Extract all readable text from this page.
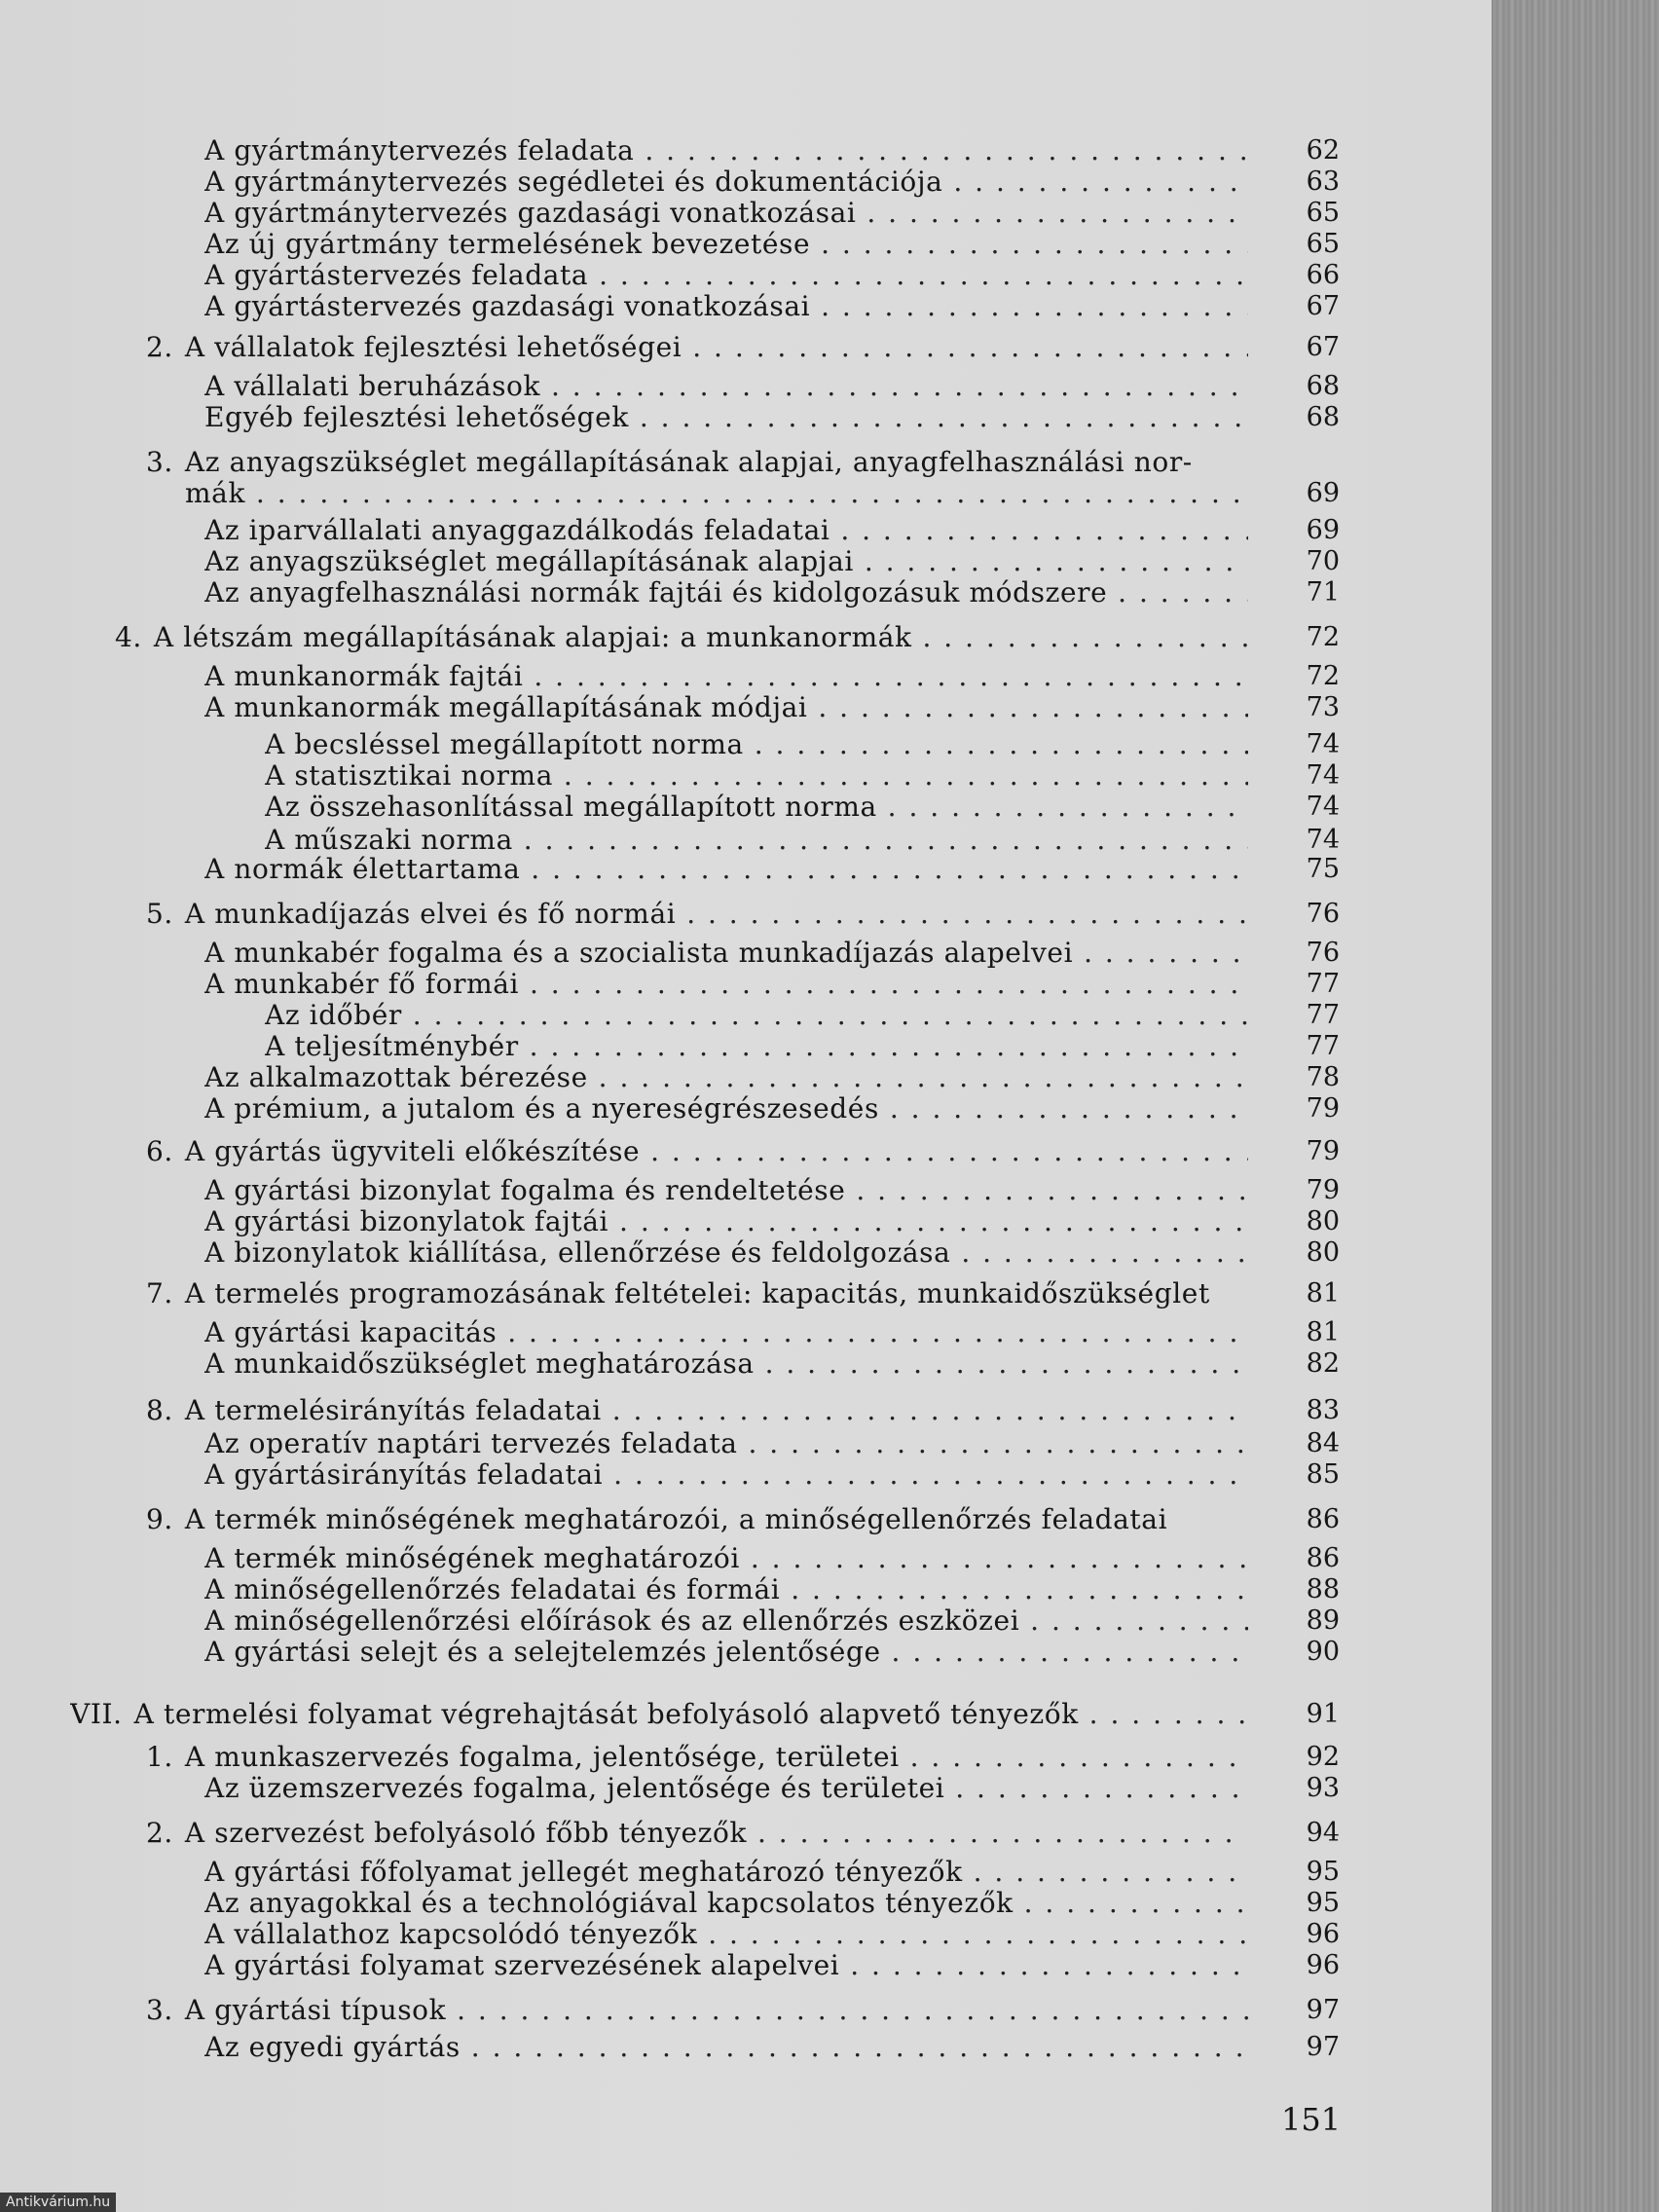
A gyártmánytervezés feladata . . .	62
A gyártmánytervezés segédletei és dokumentációja . . .	63
A gyártmánytervezés gazdasági vonatkozásai . . .	65
Az új gyártmány termelésének bevezetése . . .	65
A gyártástervezés feladata . . .	66
A gyártástervezés gazdasági vonatkozásai . . .	67
2. A vállalatok fejlesztési lehetőségei . . .	67
A vállalati beruházások . . .	68
Egyéb fejlesztési lehetőségek . . .	68
3. Az anyagszükséglet megállapításának alapjai, anyagfelhasználási nor-
mák . . .	69
Az iparvállalati anyaggazdálkodás feladatai . . .	69
Az anyagszükséglet megállapításának alapjai . . .	70
Az anyagfelhasználási normák fajtái és kidolgozásuk módszere . . .	71
4. A létszám megállapításának alapjai: a munkanormák . . .	72
A munkanormák fajtái . . .	72
A munkanormák megállapításának módjai . . .	73
A becsléssel megállapított norma . . .	74
A statisztikai norma . . .	74
Az összehasonlítással megállapított norma . . .	74
A műszaki norma . . .	74
A normák élettartama . . .	75
5. A munkadíjazás elvei és fő normái . . .	76
A munkabér fogalma és a szocialista munkadíjazás alapelvei . . .	76
A munkabér fő formái . . .	77
Az időbér . . .	77
A teljesítménybér . . .	77
Az alkalmazottak bérezése . . .	78
A prémium, a jutalom és a nyereségrészesedés . . .	79
6. A gyártás ügyviteli előkészítése . . .	79
A gyártási bizonylat fogalma és rendeltetése . . .	79
A gyártási bizonylatok fajtái . . .	80
A bizonylatok kiállítása, ellenőrzése és feldolgozása . . .	80
7. A termelés programozásának feltételei: kapacitás, munkaidőszükséglet	81
A gyártási kapacitás . . .	81
A munkaidőszükséglet meghatározása . . .	82
8. A termelésirányítás feladatai . . .	83
Az operatív naptári tervezés feladata . . .	84
A gyártásirányítás feladatai . . .	85
9. A termék minőségének meghatározói, a minőségellenőrzés feladatai	86
A termék minőségének meghatározói . . .	86
A minőségellenőrzés feladatai és formái . . .	88
A minőségellenőrzési előírások és az ellenőrzés eszközei . . .	89
A gyártási selejt és a selejtelemzés jelentősége . . .	90
VII. A termelési folyamat végrehajtását befolyásoló alapvető tényezők . . .	91
1. A munkaszervezés fogalma, jelentősége, területei . . .	92
Az üzemszervezés fogalma, jelentősége és területei . . .	93
2. A szervezést befolyásoló főbb tényezők . . .	94
A gyártási főfolyamat jellegét meghatározó tényezők . . .	95
Az anyagokkal és a technológiával kapcsolatos tényezők . . .	95
A vállalathoz kapcsolódó tényezők . . .	96
A gyártási folyamat szervezésének alapelvei . . .	96
3. A gyártási típusok . . .	97
Az egyedi gyártás . . .	97
151
Antikvárium.hu
